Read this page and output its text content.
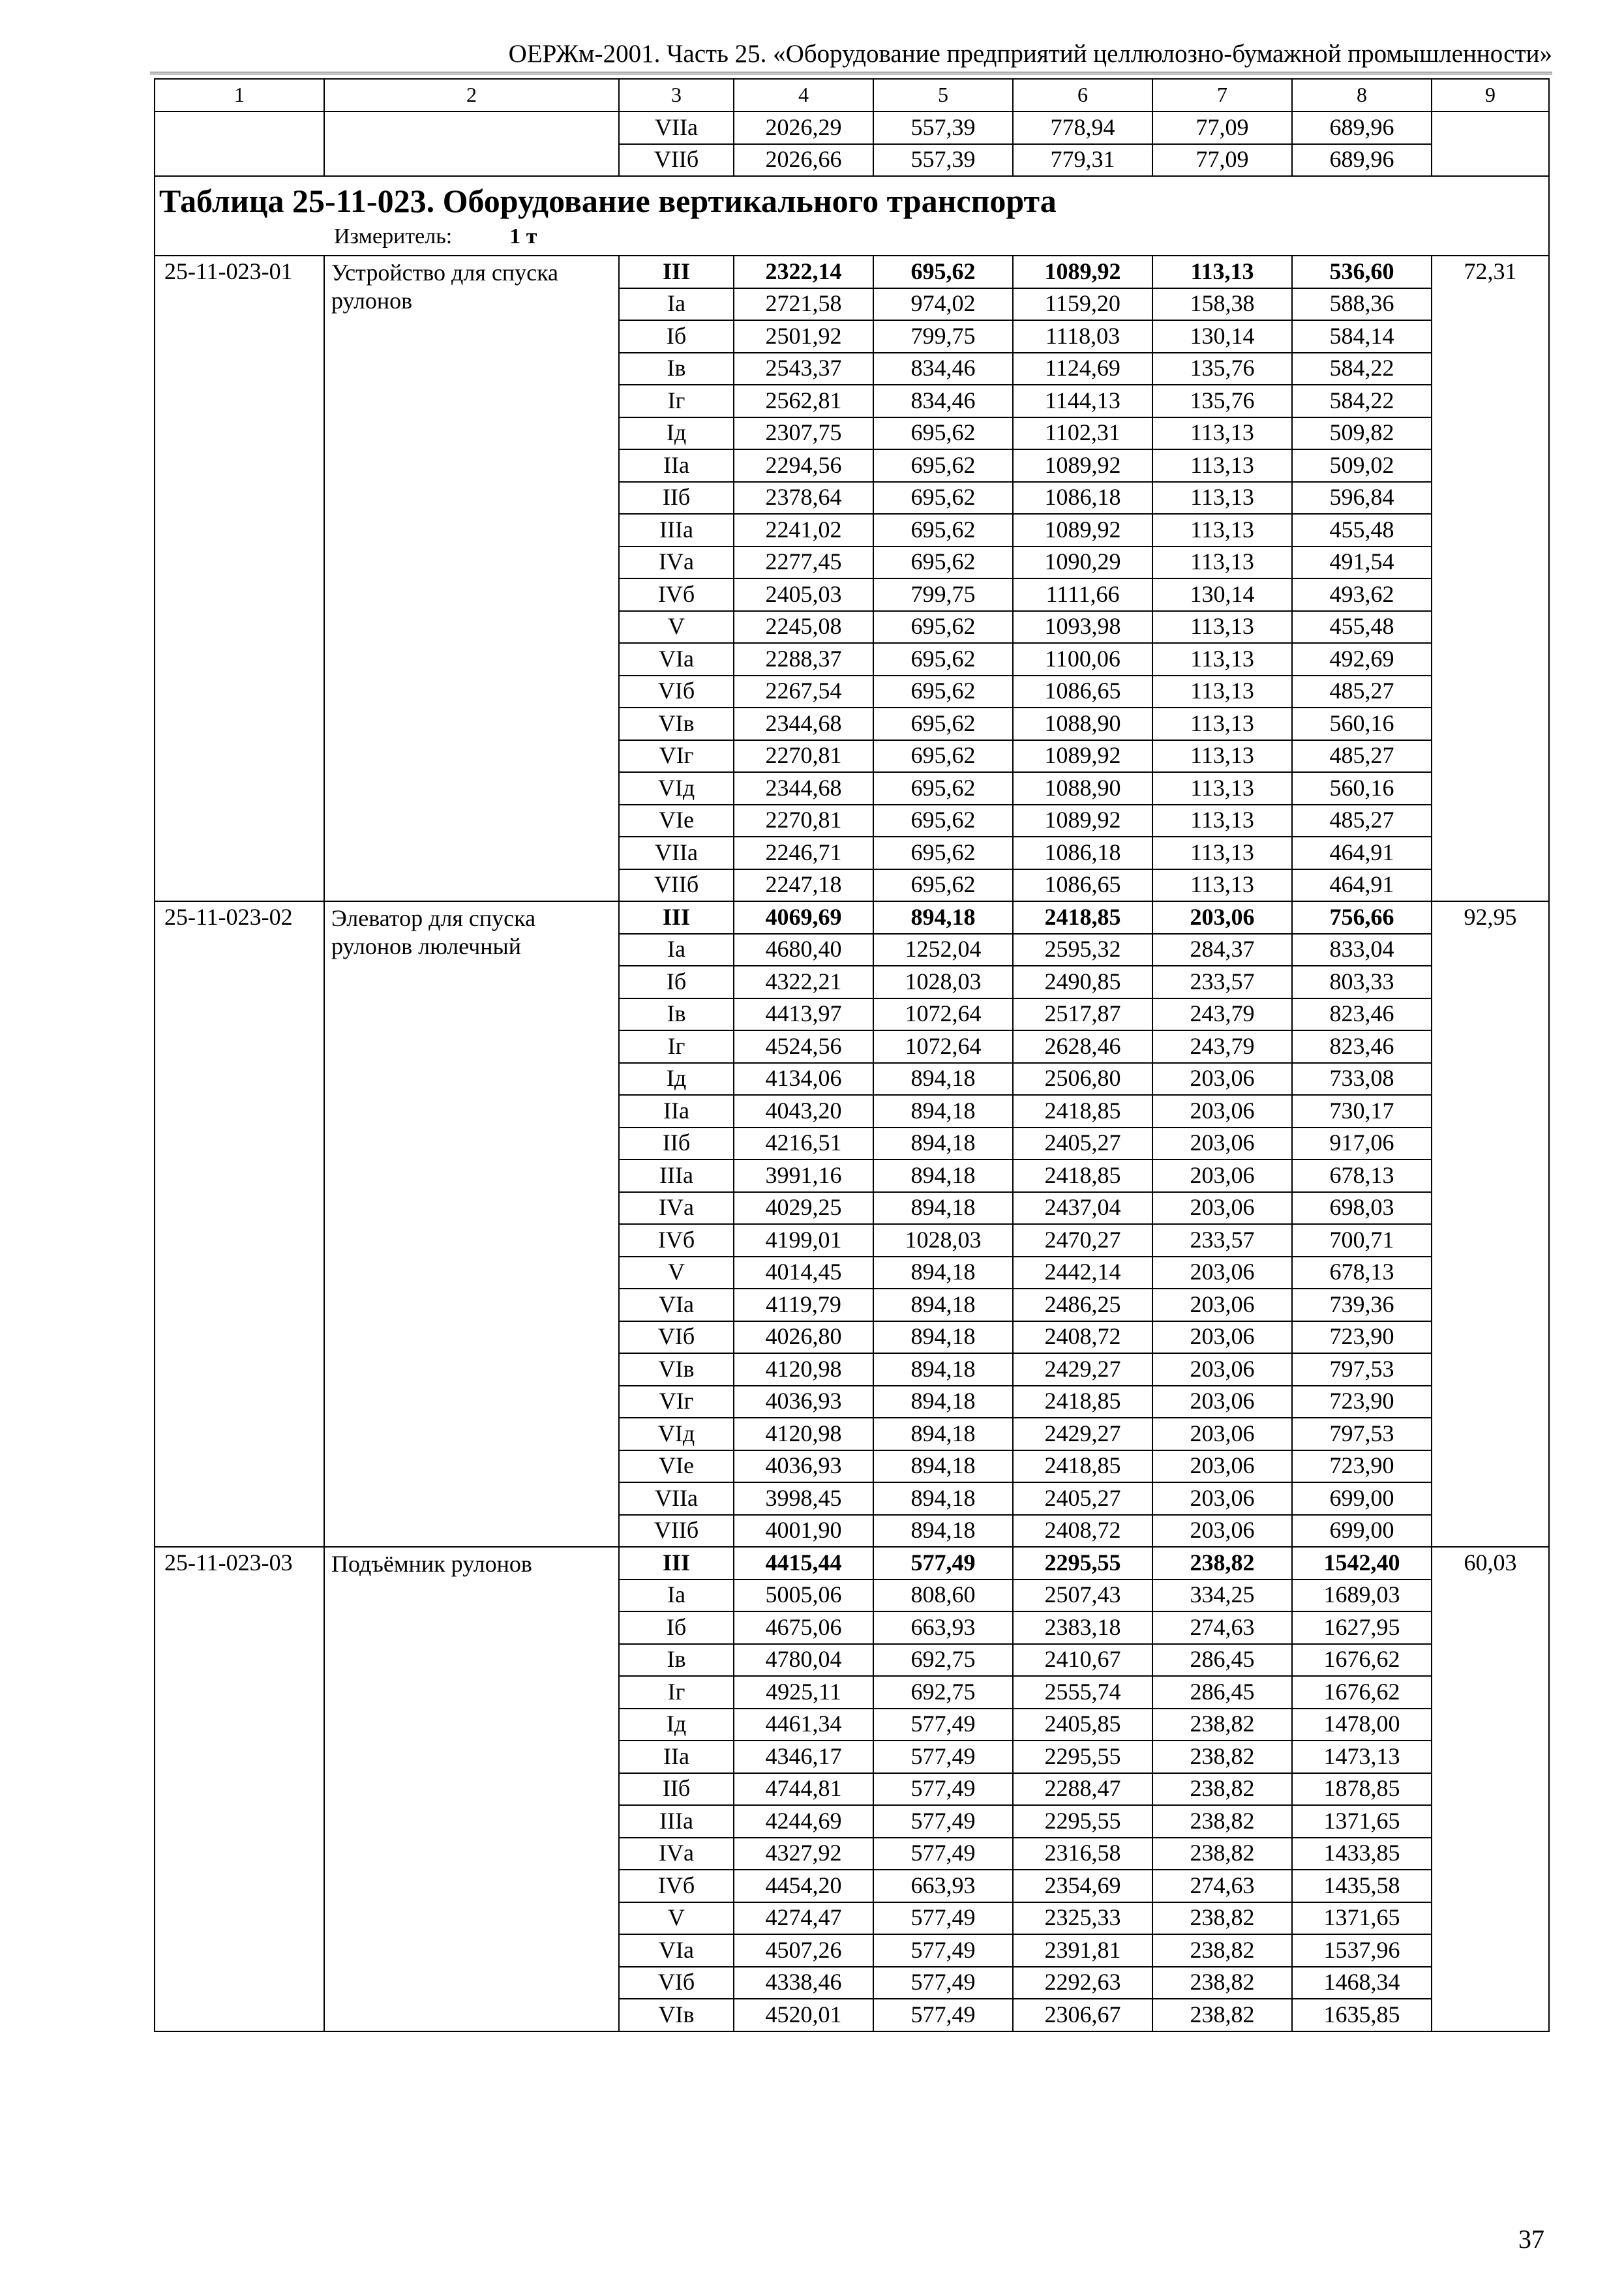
ОЕРЖм-2001. Часть 25. «Оборудование предприятий целлюлозно-бумажной промышленности»
1	2	3	4	5	6	7	8	9
		VIIа	2026,29	557,39	778,94	77,09	689,96	
		VIIб	2026,66	557,39	779,31	77,09	689,96	

Таблица 25-11-023. Оборудование вертикального транспорта
Измеритель: 1 т								

25-11-023-01	Устройство для спуска рулонов	III	2322,14	695,62	1089,92	113,13	536,60	72,31
		Iа	2721,58	974,02	1159,20	158,38	588,36	
		Iб	2501,92	799,75	1118,03	130,14	584,14	
		Iв	2543,37	834,46	1124,69	135,76	584,22	
		Iг	2562,81	834,46	1144,13	135,76	584,22	
		Iд	2307,75	695,62	1102,31	113,13	509,82	
		IIа	2294,56	695,62	1089,92	113,13	509,02	
		IIб	2378,64	695,62	1086,18	113,13	596,84	
		IIIа	2241,02	695,62	1089,92	113,13	455,48	
		IVа	2277,45	695,62	1090,29	113,13	491,54	
		IVб	2405,03	799,75	1111,66	130,14	493,62	
		V	2245,08	695,62	1093,98	113,13	455,48	
		VIа	2288,37	695,62	1100,06	113,13	492,69	
		VIб	2267,54	695,62	1086,65	113,13	485,27	
		VIв	2344,68	695,62	1088,90	113,13	560,16	
		VIг	2270,81	695,62	1089,92	113,13	485,27	
		VIд	2344,68	695,62	1088,90	113,13	560,16	
		VIе	2270,81	695,62	1089,92	113,13	485,27	
		VIIа	2246,71	695,62	1086,18	113,13	464,91	
		VIIб	2247,18	695,62	1086,65	113,13	464,91	
25-11-023-02	Элеватор для спуска рулонов люлечный	III	4069,69	894,18	2418,85	203,06	756,66	92,95
		Iа	4680,40	1252,04	2595,32	284,37	833,04	
		Iб	4322,21	1028,03	2490,85	233,57	803,33	
		Iв	4413,97	1072,64	2517,87	243,79	823,46	
		Iг	4524,56	1072,64	2628,46	243,79	823,46	
		Iд	4134,06	894,18	2506,80	203,06	733,08	
		IIа	4043,20	894,18	2418,85	203,06	730,17	
		IIб	4216,51	894,18	2405,27	203,06	917,06	
		IIIа	3991,16	894,18	2418,85	203,06	678,13	
		IVа	4029,25	894,18	2437,04	203,06	698,03	
		IVб	4199,01	1028,03	2470,27	233,57	700,71	
		V	4014,45	894,18	2442,14	203,06	678,13	
		VIа	4119,79	894,18	2486,25	203,06	739,36	
		VIб	4026,80	894,18	2408,72	203,06	723,90	
		VIв	4120,98	894,18	2429,27	203,06	797,53	
		VIг	4036,93	894,18	2418,85	203,06	723,90	
		VIд	4120,98	894,18	2429,27	203,06	797,53	
		VIе	4036,93	894,18	2418,85	203,06	723,90	
		VIIа	3998,45	894,18	2405,27	203,06	699,00	
		VIIб	4001,90	894,18	2408,72	203,06	699,00	
25-11-023-03	Подъёмник рулонов	III	4415,44	577,49	2295,55	238,82	1542,40	60,03
		Iа	5005,06	808,60	2507,43	334,25	1689,03	
		Iб	4675,06	663,93	2383,18	274,63	1627,95	
		Iв	4780,04	692,75	2410,67	286,45	1676,62	
		Iг	4925,11	692,75	2555,74	286,45	1676,62	
		Iд	4461,34	577,49	2405,85	238,82	1478,00	
		IIа	4346,17	577,49	2295,55	238,82	1473,13	
		IIб	4744,81	577,49	2288,47	238,82	1878,85	
		IIIа	4244,69	577,49	2295,55	238,82	1371,65	
		IVа	4327,92	577,49	2316,58	238,82	1433,85	
		IVб	4454,20	663,93	2354,69	274,63	1435,58	
		V	4274,47	577,49	2325,33	238,82	1371,65	
		VIа	4507,26	577,49	2391,81	238,82	1537,96	
		VIб	4338,46	577,49	2292,63	238,82	1468,34	
		VIв	4520,01	577,49	2306,67	238,82	1635,85	
37
